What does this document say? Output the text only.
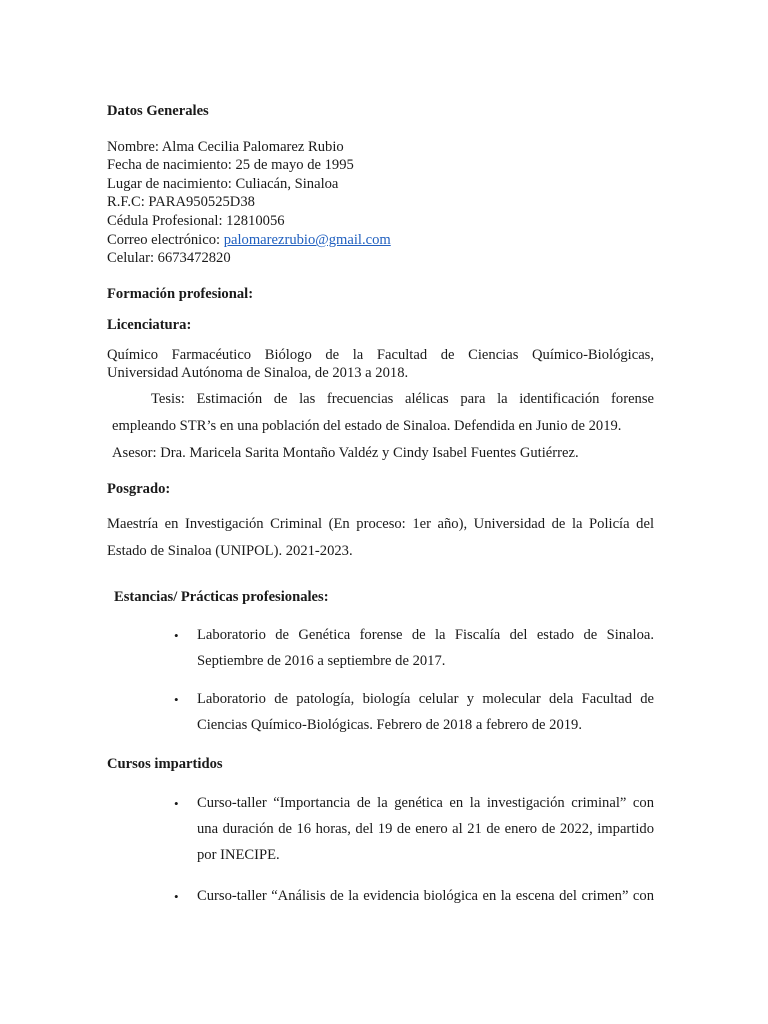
Datos Generales
Nombre: Alma Cecilia Palomarez Rubio
Fecha de nacimiento: 25 de mayo de 1995
Lugar de nacimiento: Culiacán, Sinaloa
R.F.C: PARA950525D38
Cédula Profesional: 12810056
Correo electrónico: palomarezrubio@gmail.com
Celular: 6673472820
Formación profesional:
Licenciatura:
Químico Farmacéutico Biólogo de la Facultad de Ciencias Químico-Biológicas,
Universidad Autónoma de Sinaloa, de 2013 a 2018.
Tesis: Estimación de las frecuencias alélicas para la identificación forense
empleando STR’s en una población del estado de Sinaloa. Defendida en Junio de 2019.
Asesor: Dra. Maricela Sarita Montaño Valdéz y Cindy Isabel Fuentes Gutiérrez.
Posgrado:
Maestría en Investigación Criminal (En proceso: 1er año), Universidad de la Policía del
Estado de Sinaloa (UNIPOL). 2021-2023.
Estancias/ Prácticas profesionales:
• Laboratorio de Genética forense de la Fiscalía del estado de Sinaloa.
Septiembre de 2016 a septiembre de 2017.
• Laboratorio de patología, biología celular y molecular dela Facultad de
Ciencias Químico-Biológicas. Febrero de 2018 a febrero de 2019.
Cursos impartidos
• Curso-taller “Importancia de la genética en la investigación criminal” con
una duración de 16 horas, del 19 de enero al 21 de enero de 2022, impartido
por INECIPE.
• Curso-taller “Análisis de la evidencia biológica en la escena del crimen” con
